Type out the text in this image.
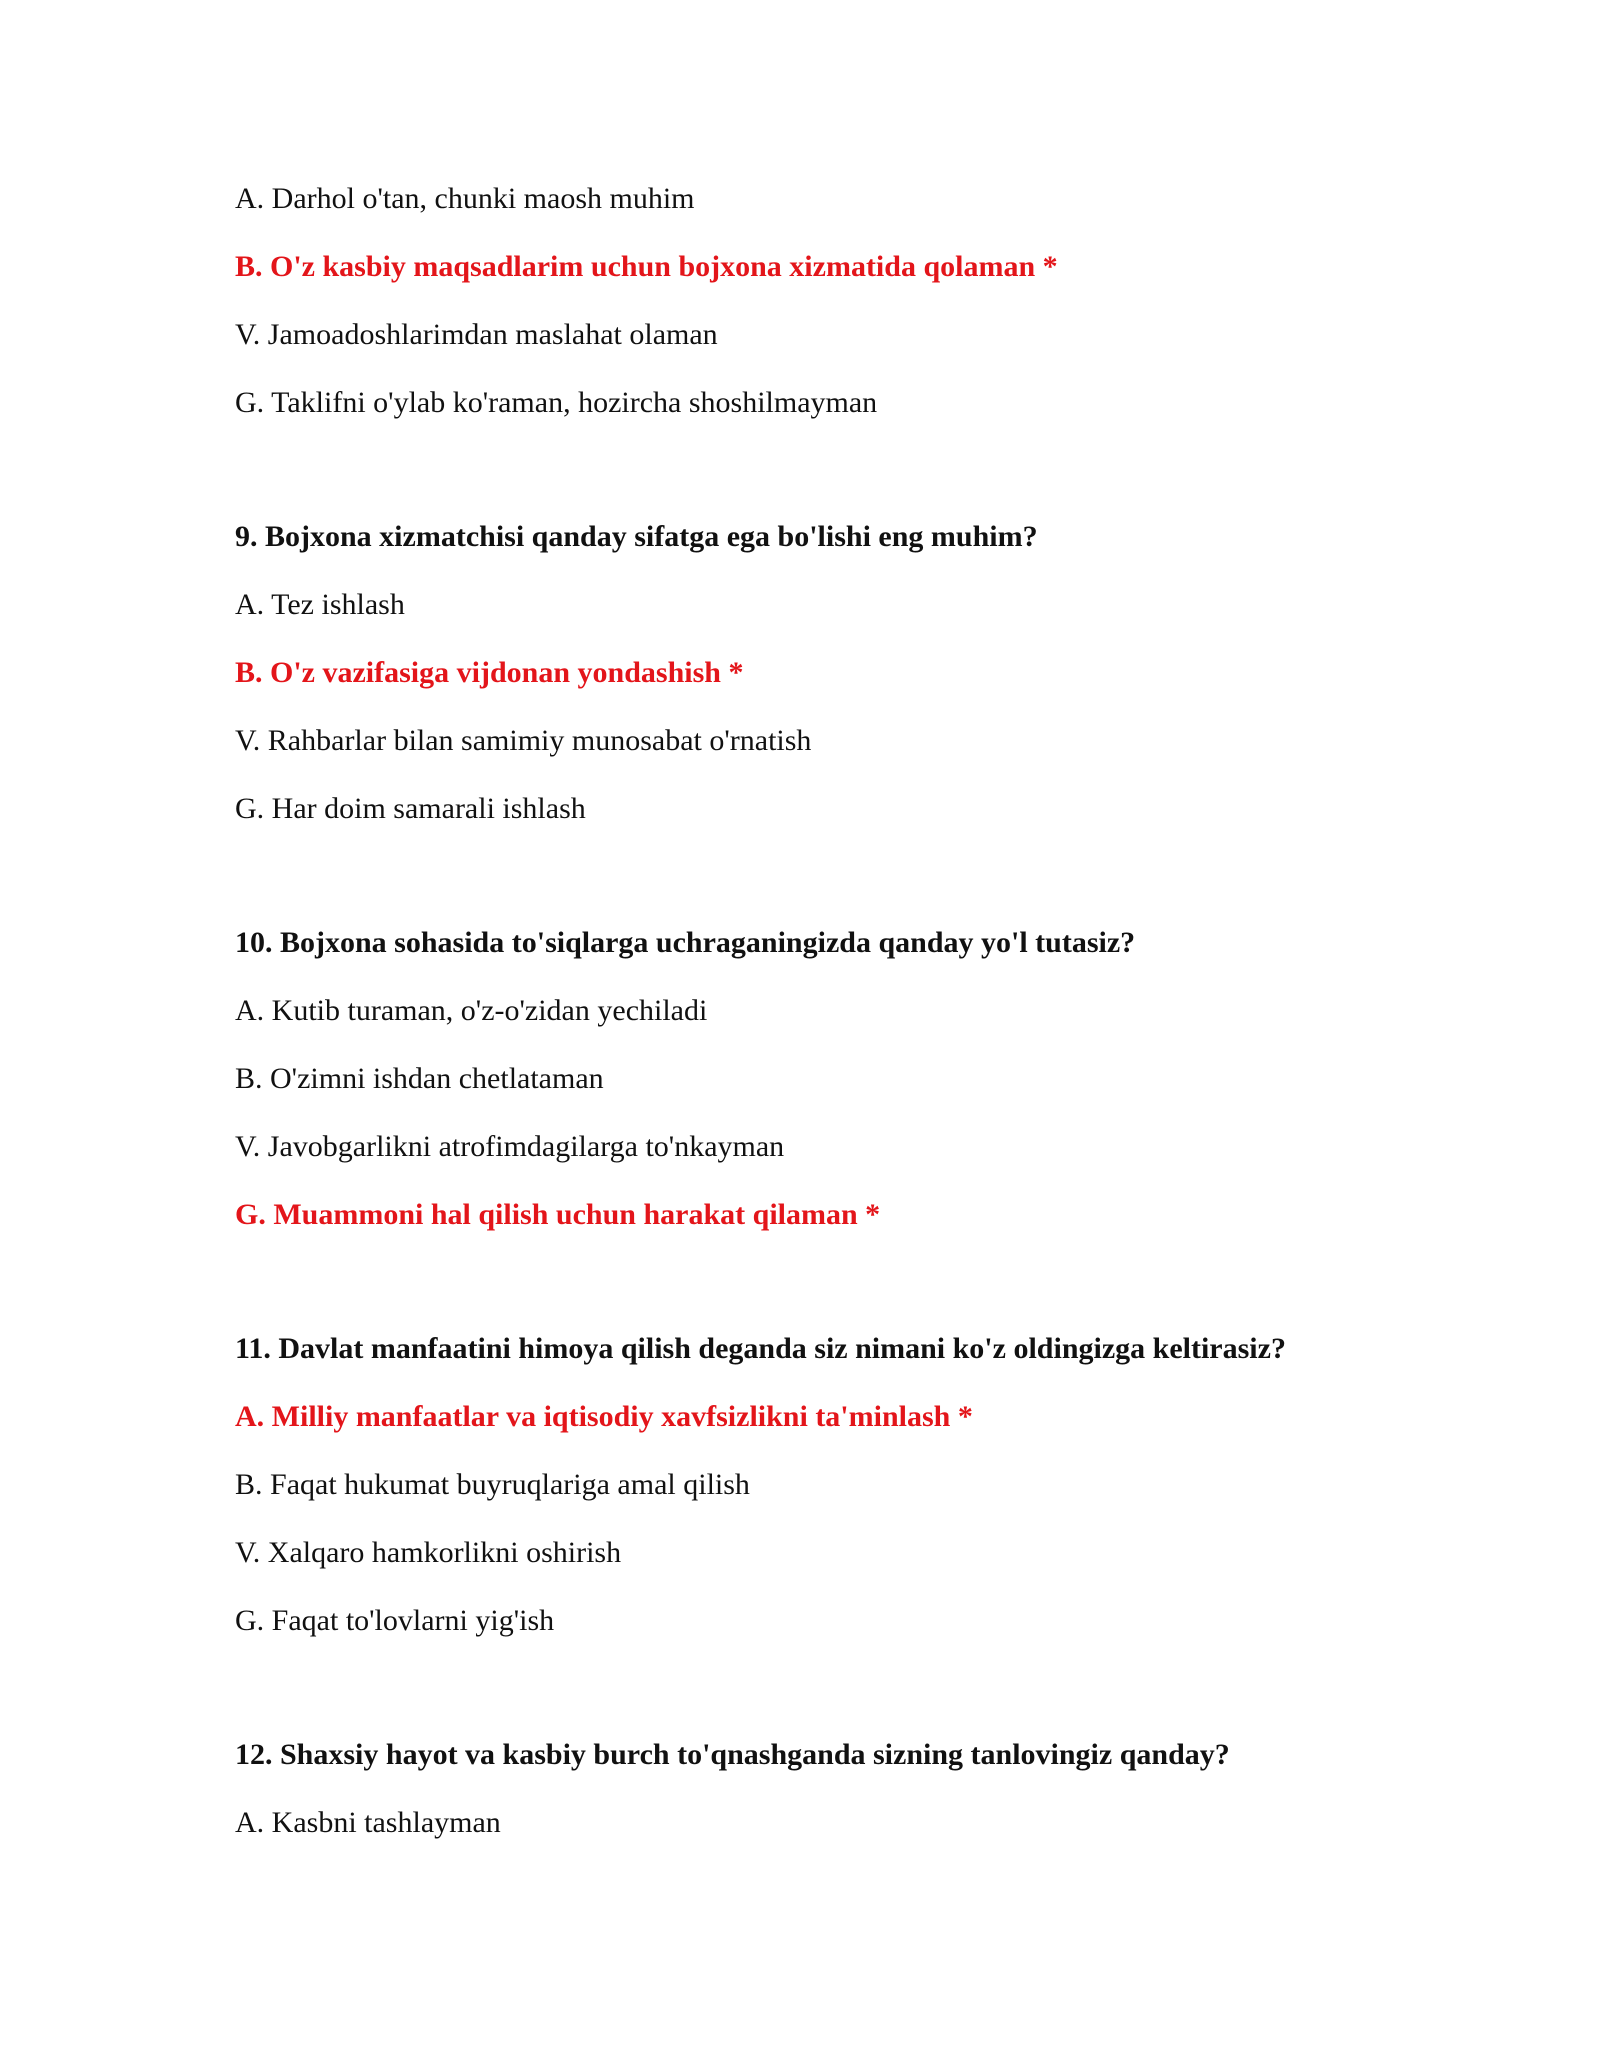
A. Darhol o'tan, chunki maosh muhim

B. O'z kasbiy maqsadlarim uchun bojxona xizmatida qolaman *

V. Jamoadoshlarimdan maslahat olaman

G. Taklifni o'ylab ko'raman, hozircha shoshilmayman

9. Bojxona xizmatchisi qanday sifatga ega bo'lishi eng muhim?

A. Tez ishlash

B. O'z vazifasiga vijdonan yondashish *

V. Rahbarlar bilan samimiy munosabat o'rnatish

G. Har doim samarali ishlash

10. Bojxona sohasida to'siqlarga uchraganingizda qanday yo'l tutasiz?

A. Kutib turaman, o'z-o'zidan yechiladi

B. O'zimni ishdan chetlataman

V. Javobgarlikni atrofimdagilarga to'nkayman

G. Muammoni hal qilish uchun harakat qilaman *

11. Davlat manfaatini himoya qilish deganda siz nimani ko'z oldingizga keltirasiz?

A. Milliy manfaatlar va iqtisodiy xavfsizlikni ta'minlash *

B. Faqat hukumat buyruqlariga amal qilish

V. Xalqaro hamkorlikni oshirish

G. Faqat to'lovlarni yig'ish

12. Shaxsiy hayot va kasbiy burch to'qnashganda sizning tanlovingiz qanday?

A. Kasbni tashlayman
